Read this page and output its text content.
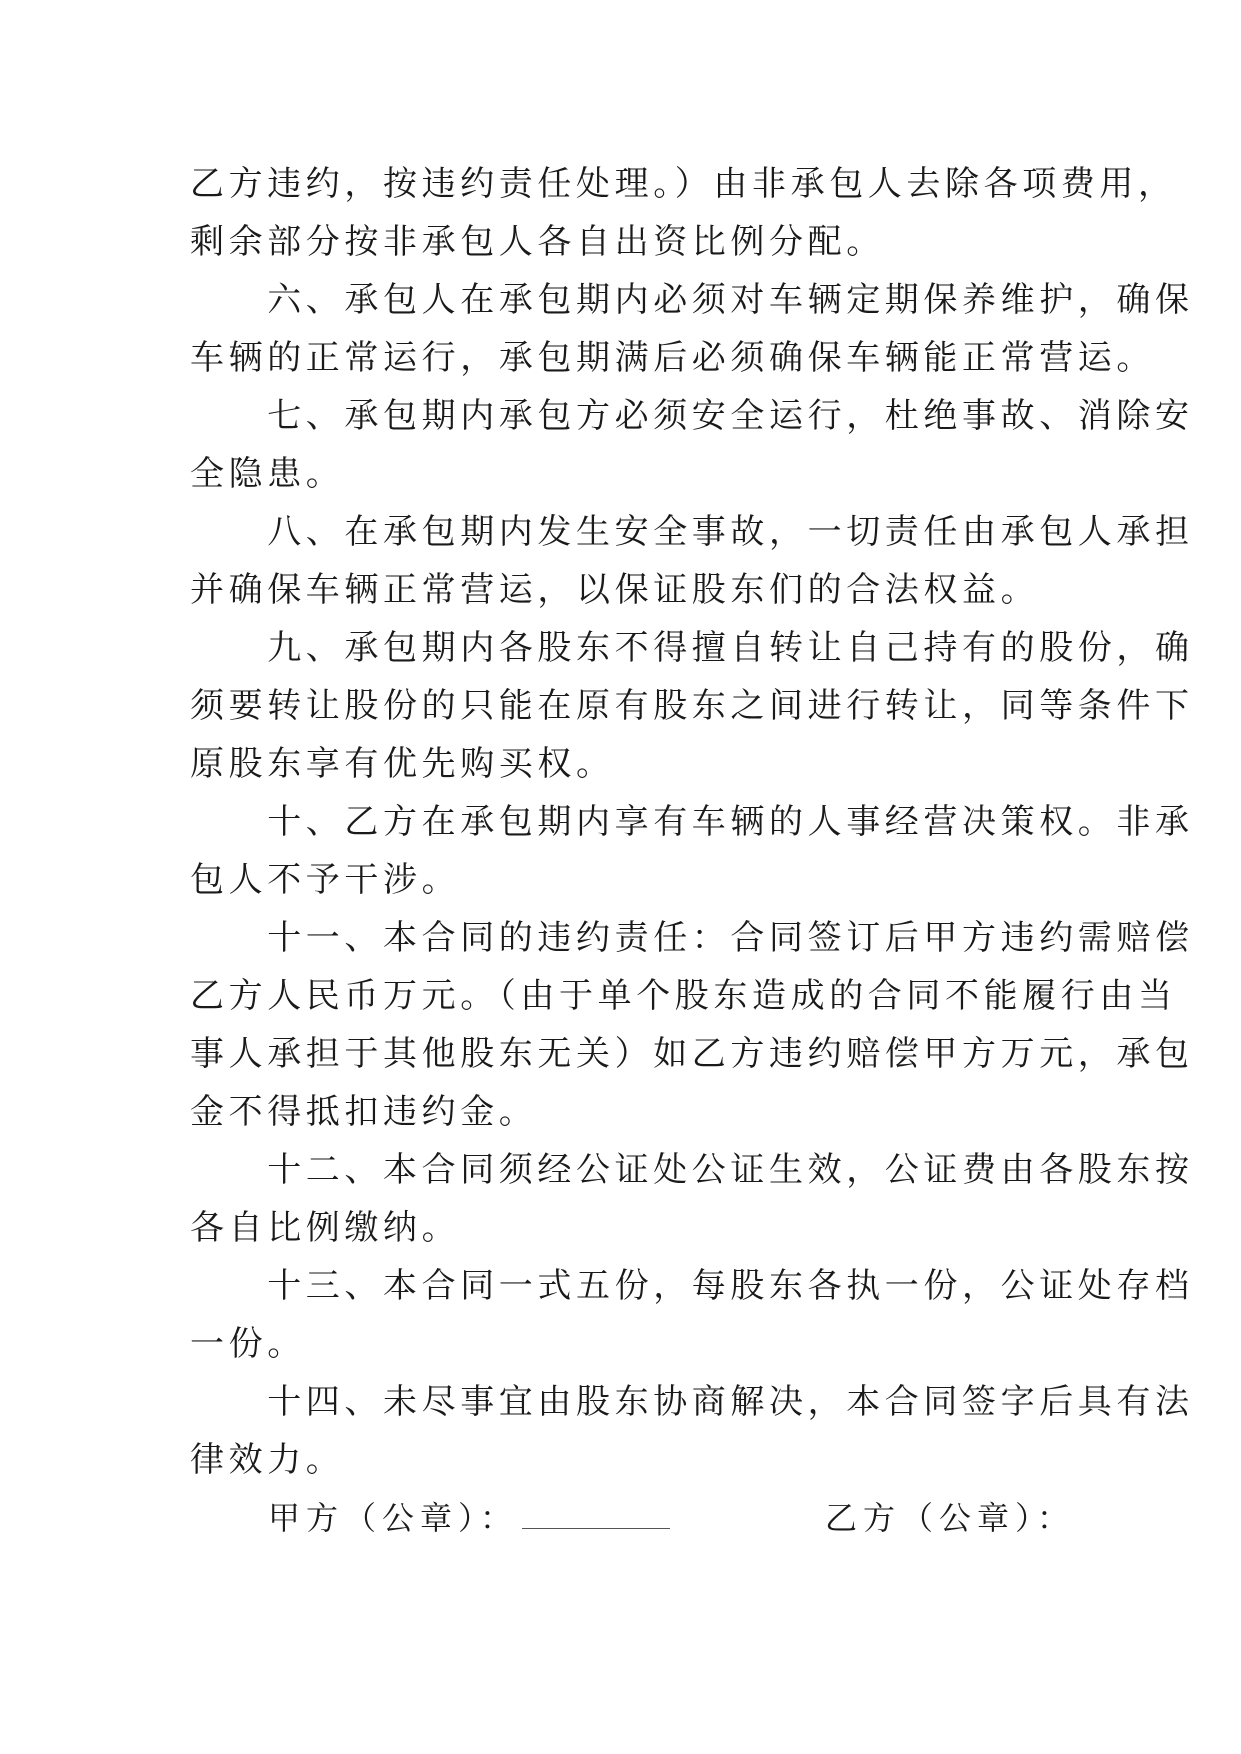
乙方违约，按违约责任处理。）由非承包人去除各项费用，
剩余部分按非承包人各自出资比例分配。
　　六、承包人在承包期内必须对车辆定期保养维护，确保
车辆的正常运行，承包期满后必须确保车辆能正常营运。
　　七、承包期内承包方必须安全运行，杜绝事故、消除安
全隐患。
　　八、在承包期内发生安全事故，一切责任由承包人承担
并确保车辆正常营运，以保证股东们的合法权益。
　　九、承包期内各股东不得擅自转让自己持有的股份，确
须要转让股份的只能在原有股东之间进行转让，同等条件下
原股东享有优先购买权。
　　十、乙方在承包期内享有车辆的人事经营决策权。非承
包人不予干涉。
　　十一、本合同的违约责任：合同签订后甲方违约需赔偿
乙方人民币万元。（由于单个股东造成的合同不能履行由当
事人承担于其他股东无关）如乙方违约赔偿甲方万元，承包
金不得抵扣违约金。
　　十二、本合同须经公证处公证生效，公证费由各股东按
各自比例缴纳。
　　十三、本合同一式五份，每股东各执一份，公证处存档
一份。
　　十四、未尽事宜由股东协商解决，本合同签字后具有法
律效力。
甲方（公章）：	乙方（公章）：
